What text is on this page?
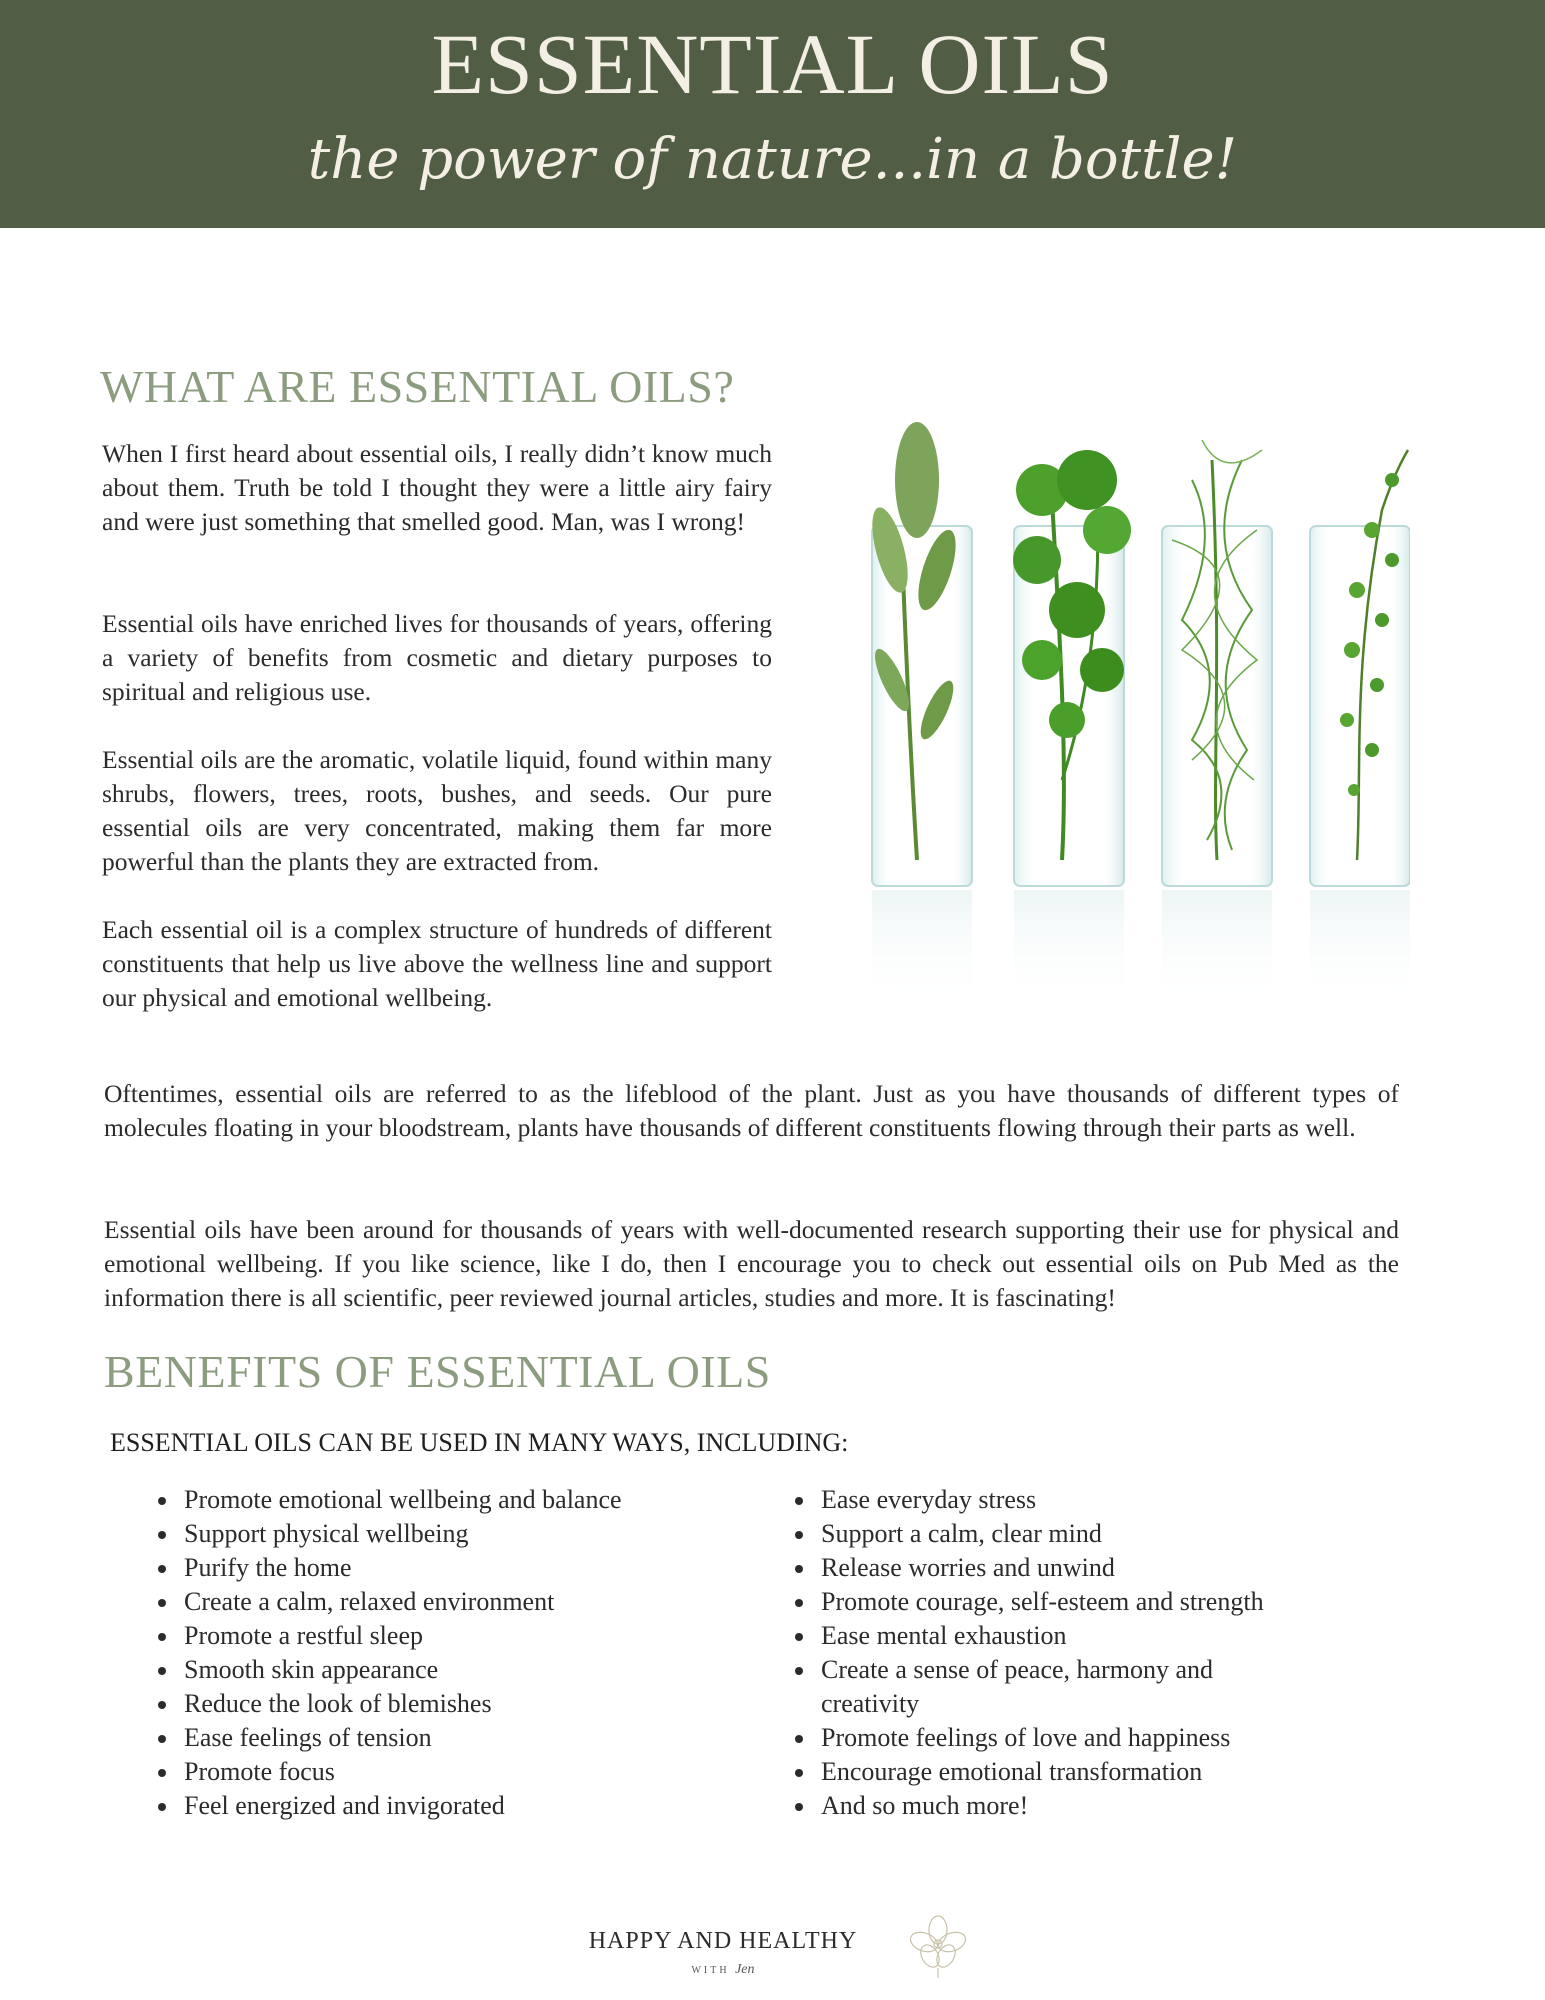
ESSENTIAL OILS
the power of nature...in a bottle!
WHAT ARE ESSENTIAL OILS?

When I first heard about essential oils, I really didn’t know much about them. Truth be told I thought they were a little airy fairy and were just something that smelled good. Man, was I wrong!

Essential oils have enriched lives for thousands of years, offering a variety of benefits from cosmetic and dietary purposes to spiritual and religious use.

Essential oils are the aromatic, volatile liquid, found within many shrubs, flowers, trees, roots, bushes, and seeds. Our pure essential oils are very concentrated, making them far more powerful than the plants they are extracted from.

Each essential oil is a complex structure of hundreds of different constituents that help us live above the wellness line and support our physical and emotional wellbeing.

Oftentimes, essential oils are referred to as the lifeblood of the plant. Just as you have thousands of different types of molecules floating in your bloodstream, plants have thousands of different constituents flowing through their parts as well.

Essential oils have been around for thousands of years with well-documented research supporting their use for physical and emotional wellbeing. If you like science, like I do, then I encourage you to check out essential oils on Pub Med as the information there is all scientific, peer reviewed journal articles, studies and more. It is fascinating!

BENEFITS OF ESSENTIAL OILS
ESSENTIAL OILS CAN BE USED IN MANY WAYS, INCLUDING:
• Promote emotional wellbeing and balance
• Support physical wellbeing
• Purify the home
• Create a calm, relaxed environment
• Promote a restful sleep
• Smooth skin appearance
• Reduce the look of blemishes
• Ease feelings of tension
• Promote focus
• Feel energized and invigorated
• Ease everyday stress
• Support a calm, clear mind
• Release worries and unwind
• Promote courage, self-esteem and strength
• Ease mental exhaustion
• Create a sense of peace, harmony and creativity
• Promote feelings of love and happiness
• Encourage emotional transformation
• And so much more!
HAPPY AND HEALTHY
WITH Jen
